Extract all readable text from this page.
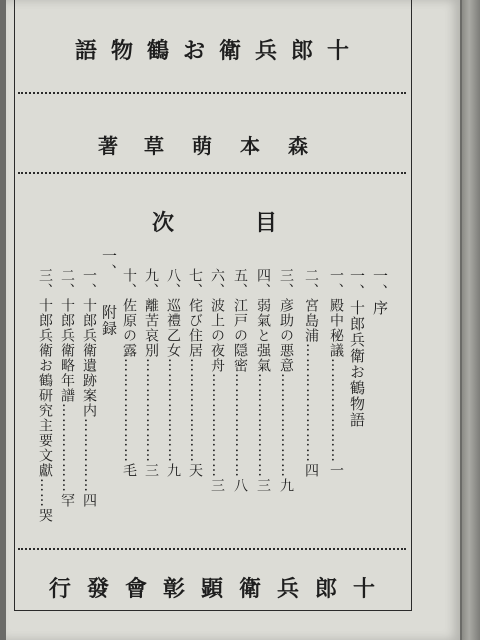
語 物 鶴 お 衛 兵 郎 十
著 草 萌 本 森
目
次
一、序
一、十郎兵衛お鶴物語
一、殿中秘議…………………一
二、宮島浦……………………四
三、彦助の悪意…………………九
四、弱氣と强氣…………………三
五、江戸の隠密…………………八
六、波上の夜舟…………………三
七、侘び住居…………………天
八、巡禮乙女…………………九
九、離苦哀別…………………三
十、佐原の露…………………毛
一、　　附録
一、十郎兵衛遺跡案内……………四
二、十郎兵衛略年譜………………罕
三、十郎兵衛お鶴研究主要文獻……哭
行 發 會 彰 顕 衛 兵 郎 十
